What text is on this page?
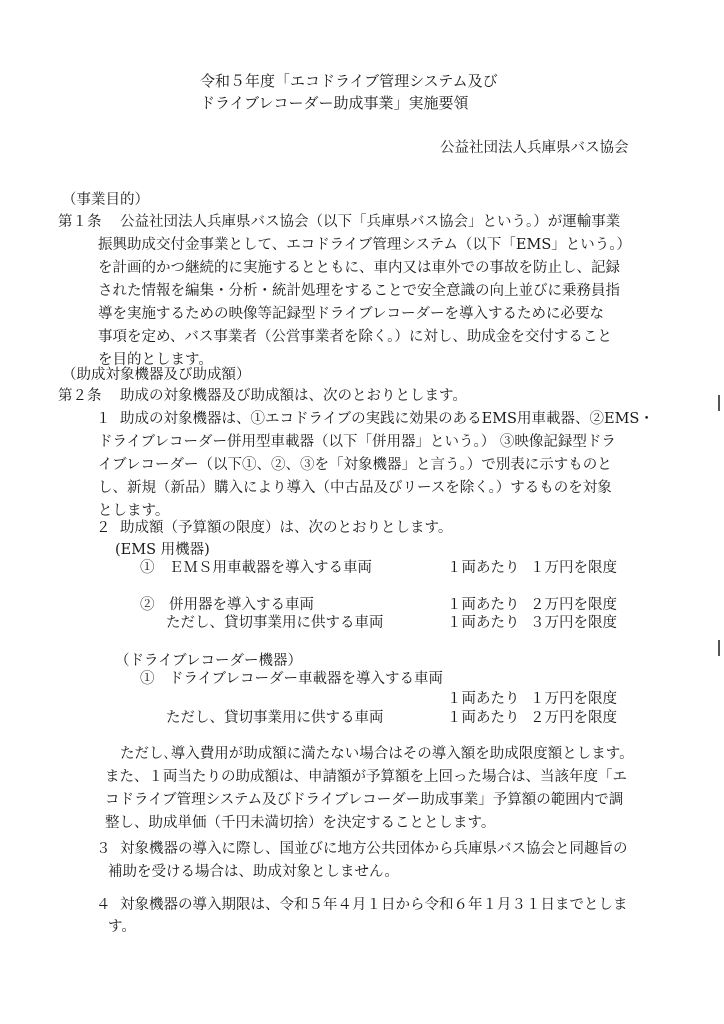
令和５年度「エコドライブ管理システム及び
ドライブレコーダー助成事業」実施要領
公益社団法人兵庫県バス協会
（事業目的）
第１条 公益社団法人兵庫県バス協会（以下「兵庫県バス協会」という。）が運輸事業
振興助成交付金事業として、エコドライブ管理システム（以下「EMS」という。）
を計画的かつ継続的に実施するとともに、車内又は車外での事故を防止し、記録
された情報を編集・分析・統計処理をすることで安全意識の向上並びに乗務員指
導を実施するための映像等記録型ドライブレコーダーを導入するために必要な
事項を定め、バス事業者（公営事業者を除く。）に対し、助成金を交付すること
を目的とします。
（助成対象機器及び助成額）
第２条 助成の対象機器及び助成額は、次のとおりとします。
１ 助成の対象機器は、①エコドライブの実践に効果のあるEMS用車載器、②EMS・
ドライブレコーダー併用型車載器（以下「併用器」という。） ③映像記録型ドラ
イブレコーダー（以下①、②、③を「対象機器」と言う。）で別表に示すものと
し、新規（新品）購入により導入（中古品及びリースを除く。）するものを対象
とします。
２ 助成額（予算額の限度）は、次のとおりとします。
(EMS 用機器)
①　ＥＭＳ用車載器を導入する車両	１両あたり １万円を限度
②　併用器を導入する車両	１両あたり ２万円を限度
ただし、貸切事業用に供する車両	１両あたり ３万円を限度
（ドライブレコーダー機器）
①　ドライブレコーダー車載器を導入する車両
１両あたり １万円を限度
ただし、貸切事業用に供する車両	１両あたり ２万円を限度
ただし､導入費用が助成額に満たない場合はその導入額を助成限度額とします。
また、１両当たりの助成額は、申請額が予算額を上回った場合は、当該年度「エ
コドライブ管理システム及びドライブレコーダー助成事業」予算額の範囲内で調
整し、助成単価（千円未満切捨）を決定することとします。
３ 対象機器の導入に際し、国並びに地方公共団体から兵庫県バス協会と同趣旨の
補助を受ける場合は、助成対象としません。
４ 対象機器の導入期限は、令和５年４月１日から令和６年１月３１日までとしま
す。
